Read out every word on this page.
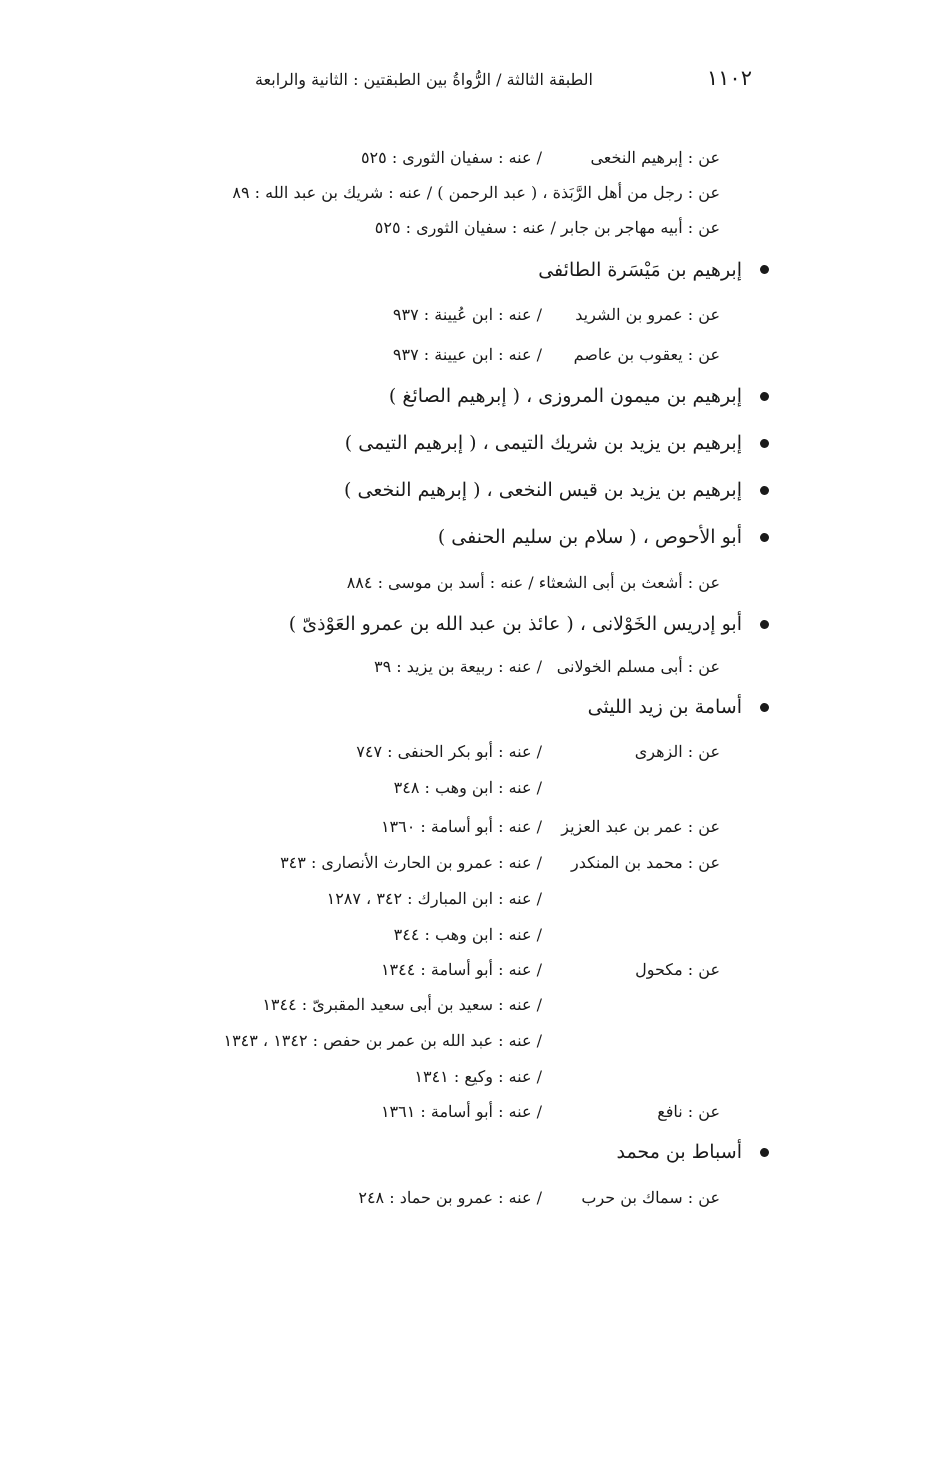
١١٠٢
الطبقة الثالثة / الرُّواةُ بين الطبقتين : الثانية والرابعة
عن : إبرهيم النخعى
/ عنه : سفيان الثورى : ٥٢٥
عن : رجل من أهل الرَّبَذة ، ( عبد الرحمن ) / عنه : شريك بن عبد الله : ٨٩
عن : أبيه مهاجر بن جابر / عنه : سفيان الثورى : ٥٢٥
إبرهيم بن مَيْسَرة الطائفى
عن : عمرو بن الشريد
/ عنه : ابن عُيينة : ٩٣٧
عن : يعقوب بن عاصم
/ عنه : ابن عيينة : ٩٣٧
إبرهيم بن ميمون المروزى ، ( إبرهيم الصائغ )
إبرهيم بن يزيد بن شريك التيمى ، ( إبرهيم التيمى )
إبرهيم بن يزيد بن قيس النخعى ، ( إبرهيم النخعى )
أبو الأحوص ، ( سلام بن سليم الحنفى )
عن : أشعث بن أبى الشعثاء / عنه : أسد بن موسى : ٨٨٤
أبو إدريس الخَوْلانى ، ( عائذ بن عبد الله بن عمرو العَوْذىّ )
عن : أبى مسلم الخولانى
/ عنه : ربيعة بن يزيد : ٣٩
أسامة بن زيد الليثى
عن : الزهرى
/ عنه : أبو بكر الحنفى : ٧٤٧
/ عنه : ابن وهب : ٣٤٨
عن : عمر بن عبد العزيز
/ عنه : أبو أسامة : ١٣٦٠
عن : محمد بن المنكدر
/ عنه : عمرو بن الحارث الأنصارى : ٣٤٣
/ عنه : ابن المبارك : ٣٤٢ ، ١٢٨٧
/ عنه : ابن وهب : ٣٤٤
عن : مكحول
/ عنه : أبو أسامة : ١٣٤٤
/ عنه : سعيد بن أبى سعيد المقبرىّ : ١٣٤٤
/ عنه : عبد الله بن عمر بن حفص : ١٣٤٢ ، ١٣٤٣
/ عنه : وكيع : ١٣٤١
عن : نافع
/ عنه : أبو أسامة : ١٣٦١
أسباط بن محمد
عن : سماك بن حرب
/ عنه : عمرو بن حماد : ٢٤٨
